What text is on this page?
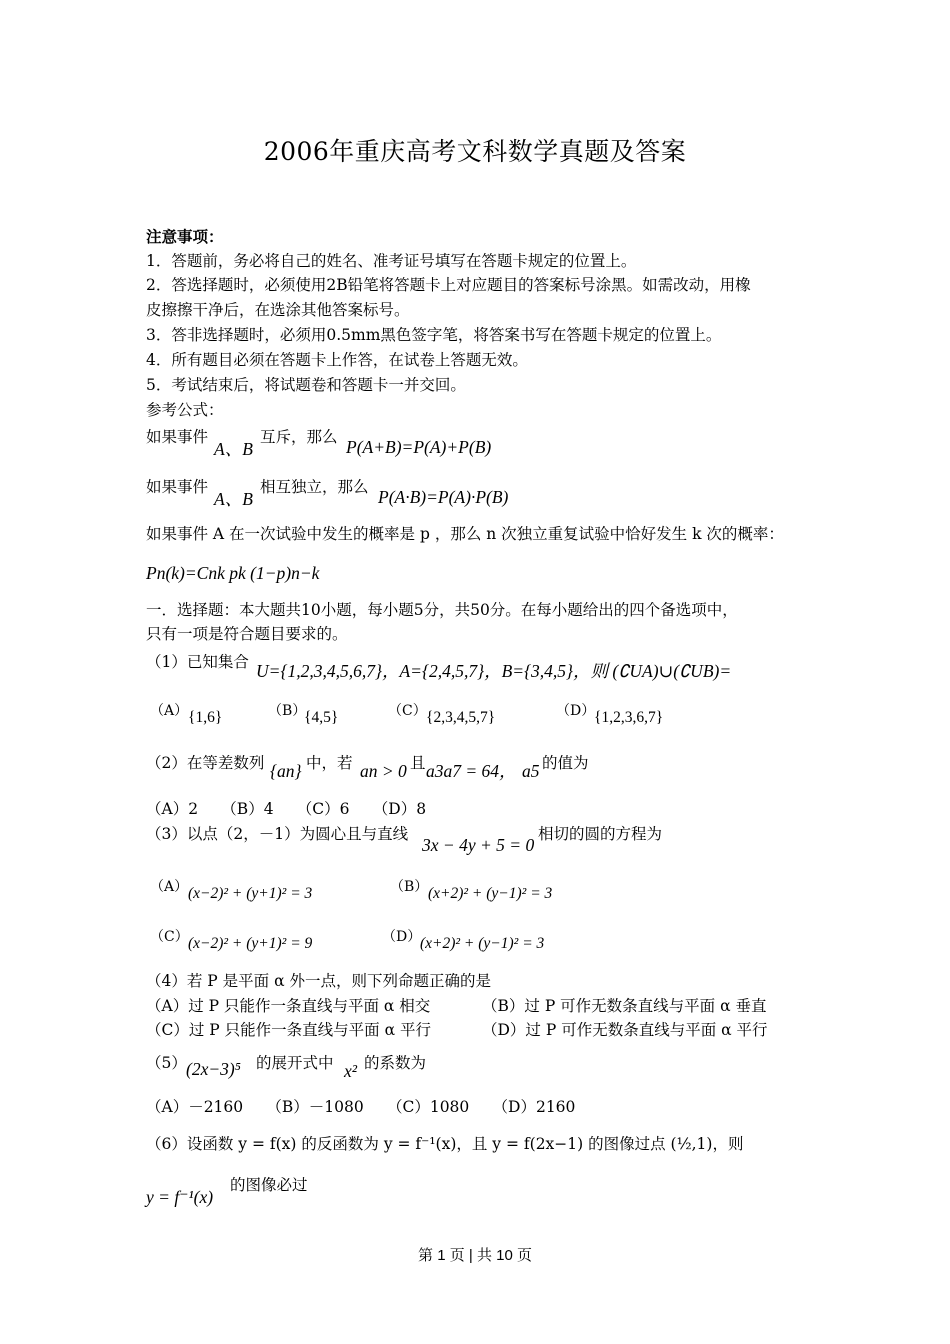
2006年重庆高考文科数学真题及答案
注意事项：
1．答题前，务必将自己的姓名、准考证号填写在答题卡规定的位置上。
2．答选择题时，必须使用2B铅笔将答题卡上对应题目的答案标号涂黑。如需改动，用橡
皮擦擦干净后，在选涂其他答案标号。
3．答非选择题时，必须用0.5mm黑色签字笔，将答案书写在答题卡规定的位置上。
4．所有题目必须在答题卡上作答，在试卷上答题无效。
5．考试结束后，将试题卷和答题卡一并交回。
参考公式：
如果事件
A、B
互斥，那么 P(A+B)=P(A)+P(B)
如果事件
A、B
相互独立，那么 P(A·B)=P(A)·P(B)
如果事件 A 在一次试验中发生的概率是 p ，那么 n 次独立重复试验中恰好发生 k 次的概率：
Pn(k)=Cnk pk (1−p)n−k
一．选择题：本大题共10小题，每小题5分，共50分。在每小题给出的四个备选项中，
只有一项是符合题目要求的。
（1）已知集合 U={1,2,3,4,5,6,7}，A={2,4,5,7}，B={3,4,5}，则 (∁UA)∪(∁UB)=
（A） {1,6}	（B）
{4,5}	（C） {2,3,4,5,7}	（D）
{1,2,3,6,7}
（2）在等差数列 {an} 中，若 an > 0 且 a3a7 = 64， a5 的值为
（A）2　　（B）4　　（C）6　　（D）8
（3）以点（2，－1）为圆心且与直线
3x − 4y + 5 = 0
相切的圆的方程为
（A） (x−2)² + (y+1)² = 3	（B） (x+2)² + (y−1)² = 3
（C） (x−2)² + (y+1)² = 9	（D）
(x+2)² + (y−1)² = 3
（4）若 P 是平面 α 外一点，则下列命题正确的是
（A）过 P 只能作一条直线与平面 α 相交	（B）过 P 可作无数条直线与平面 α 垂直
（C）过 P 只能作一条直线与平面 α 平行	（D）过 P 可作无数条直线与平面 α 平行
（5） (2x−3)⁵ 的展开式中 x² 的系数为
（A）－2160　　（B）－1080　　（C）1080　　（D）2160
（6）设函数 y = f(x) 的反函数为 y = f⁻¹(x)，且 y = f(2x−1) 的图像过点 (½,1)，则
y = f⁻¹(x)
的图像必过
第 1 页 | 共 10 页
